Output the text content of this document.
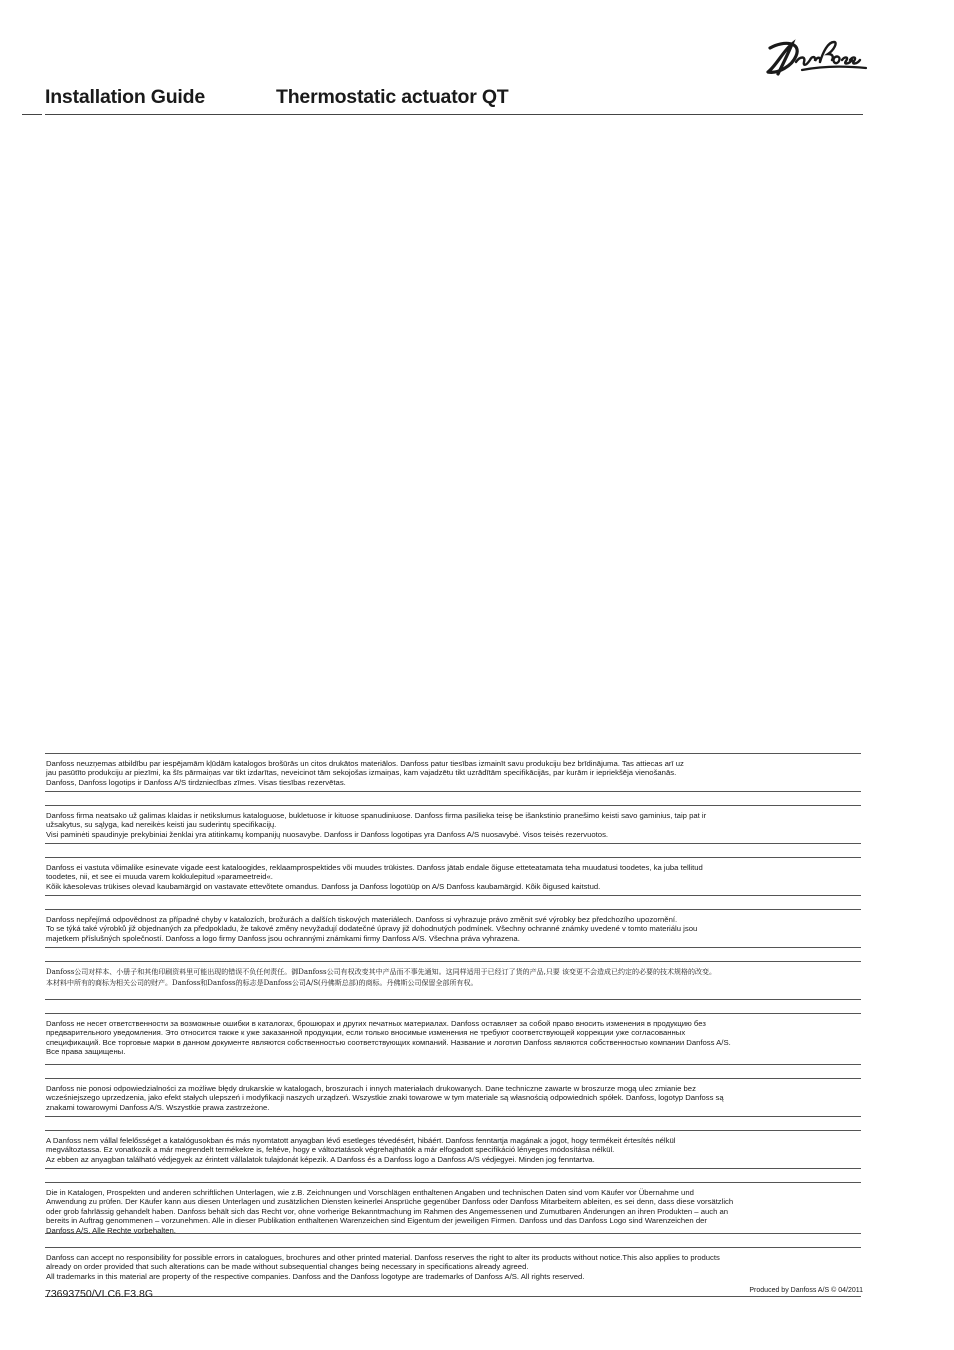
Installation Guide	Thermostatic actuator QT
Danfoss neuzņemas atbildību par iespējamām kļūdām katalogos brošūrās un citos drukātos materiālos. Danfoss patur tiesības izmainīt savu produkciju bez brīdinājuma. Tas attiecas arī uz
jau pasūtīto produkciju ar piezīmi, ka šīs pārmaiņas var tikt izdarītas, neveicinot tām sekojošas izmaiņas, kam vajadzētu tikt uzrādītām specifikācijās, par kurām ir iepriekšēja vienošanās.
Danfoss, Danfoss logotips ir Danfoss A/S tirdzniecības zīmes. Visas tiesības rezervētas.
Danfoss firma neatsako už galimas klaidas ir netikslumus kataloguose, bukletuose ir kituose spanudiniuose. Danfoss firma pasilieka teisę be išankstinio pranešimo keisti savo gaminius, taip pat ir
užsakytus, su sąlyga, kad nereikės keisti jau suderintų specifikacijų.
Visi paminėti spaudinyje prekybiniai ženklai yra atitinkamų kompanijų nuosavybe. Danfoss ir Danfoss logotipas yra Danfoss A/S nuosavybė. Visos teisės rezervuotos.
Danfoss ei vastuta võimalike esinevate vigade eest kataloogides, reklaamprospektides või muudes trükistes. Danfoss jätab endale õiguse etteteatamata teha muudatusi toodetes, ka juba tellitud
toodetes, nii, et see ei muuda varem kokkulepitud »parameetreid«.
Kõik käesolevas trükises olevad kaubamärgid on vastavate ettevõtete omandus. Danfoss ja Danfoss logotüüp on A/S Danfoss kaubamärgid. Kõik õigused kaitstud.
Danfoss nepřejímá odpovědnost za případné chyby v katalozích, brožurách a dalších tiskových materiálech. Danfoss si vyhrazuje právo změnit své výrobky bez předchozího upozornění.
To se týká také výrobků již objednaných za předpokladu, že takové změny nevyžadují dodatečné úpravy již dohodnutých podmínek. Všechny ochranné známky uvedené v tomto materiálu jsou
majetkem příslušných společností. Danfoss a logo firmy Danfoss jsou ochrannými známkami firmy Danfoss A/S. Všechna práva vyhrazena.
Danfoss公司对样本、小册子和其他印刷资料里可能出现的错误不负任何责任。御Danfoss公司有权改变其中产品而不事先通知。这同样适用于已经订了货的产品,只要 该变更不会造成已约定的必要的技术规格的改变。
本材料中所有的商标为相关公司的财产。Danfoss和Danfoss的标志是Danfoss公司A/S(丹佛斯总部)的商标。丹佛斯公司保留全部所有权。
Danfoss не несет ответственности за возможные ошибки в каталогах, брошюрах и других печатных материалах. Danfoss оставляет за собой право вносить изменения в продукцию без
предварительного уведомления. Это относится также к уже заказанной продукции, если только вносимые изменения не требуют соответствующей коррекции уже согласованных
спецификаций. Все торговые марки в данном документе являются собственностью соответствующих компаний. Название и логотип Danfoss являются собственностью компании Danfoss A/S.
Все права защищены.
Danfoss nie ponosi odpowiedzialności za możliwe błędy drukarskie w katalogach, broszurach i innych materiałach drukowanych. Dane techniczne zawarte w broszurze mogą ulec zmianie bez
wcześniejszego uprzedzenia, jako efekt stałych ulepszeń i modyfikacji naszych urządzeń. Wszystkie znaki towarowe w tym materiale są własnością odpowiednich spółek. Danfoss, logotyp Danfoss są
znakami towarowymi Danfoss A/S. Wszystkie prawa zastrzeżone.
A Danfoss nem vállal felelősséget a katalógusokban és más nyomtatott anyagban lévő esetleges tévedésért, hibáért. Danfoss fenntartja magának a jogot, hogy termékeit értesítés nélkül
megváltoztassa. Ez vonatkozik a már megrendelt termékekre is, feltéve, hogy e változtatások végrehajthatók a már elfogadott specifikáció lényeges módosítása nélkül.
Az ebben az anyagban található védjegyek az érintett vállalatok tulajdonát képezik. A Danfoss és a Danfoss logo a Danfoss A/S védjegyei. Minden jog fenntartva.
Die in Katalogen, Prospekten und anderen schriftlichen Unterlagen, wie z.B. Zeichnungen und Vorschlägen enthaltenen Angaben und technischen Daten sind vom Käufer vor Übernahme und
Anwendung zu prüfen. Der Käufer kann aus diesen Unterlagen und zusätzlichen Diensten keinerlei Ansprüche gegenüber Danfoss oder Danfoss Mitarbeitern ableiten, es sei denn, dass diese vorsätzlich
oder grob fahrlässig gehandelt haben. Danfoss behält sich das Recht vor, ohne vorherige Bekanntmachung im Rahmen des Angemessenen und Zumutbaren Änderungen an ihren Produkten – auch an
bereits in Auftrag genommenen – vorzunehmen. Alle in dieser Publikation enthaltenen Warenzeichen sind Eigentum der jeweiligen Firmen. Danfoss und das Danfoss Logo sind Warenzeichen der
Danfoss A/S. Alle Rechte vorbehalten.
Danfoss can accept no responsibility for possible errors in catalogues, brochures and other printed material. Danfoss reserves the right to alter its products without notice.This also applies to products
already on order provided that such alterations can be made without subsequential changes being necessary in specifications already agreed.
All trademarks in this material are property of the respective companies. Danfoss and the Danfoss logotype are trademarks of Danfoss A/S. All rights reserved.
73693750/VI.C6.F3.8G	Produced by Danfoss A/S © 04/2011
